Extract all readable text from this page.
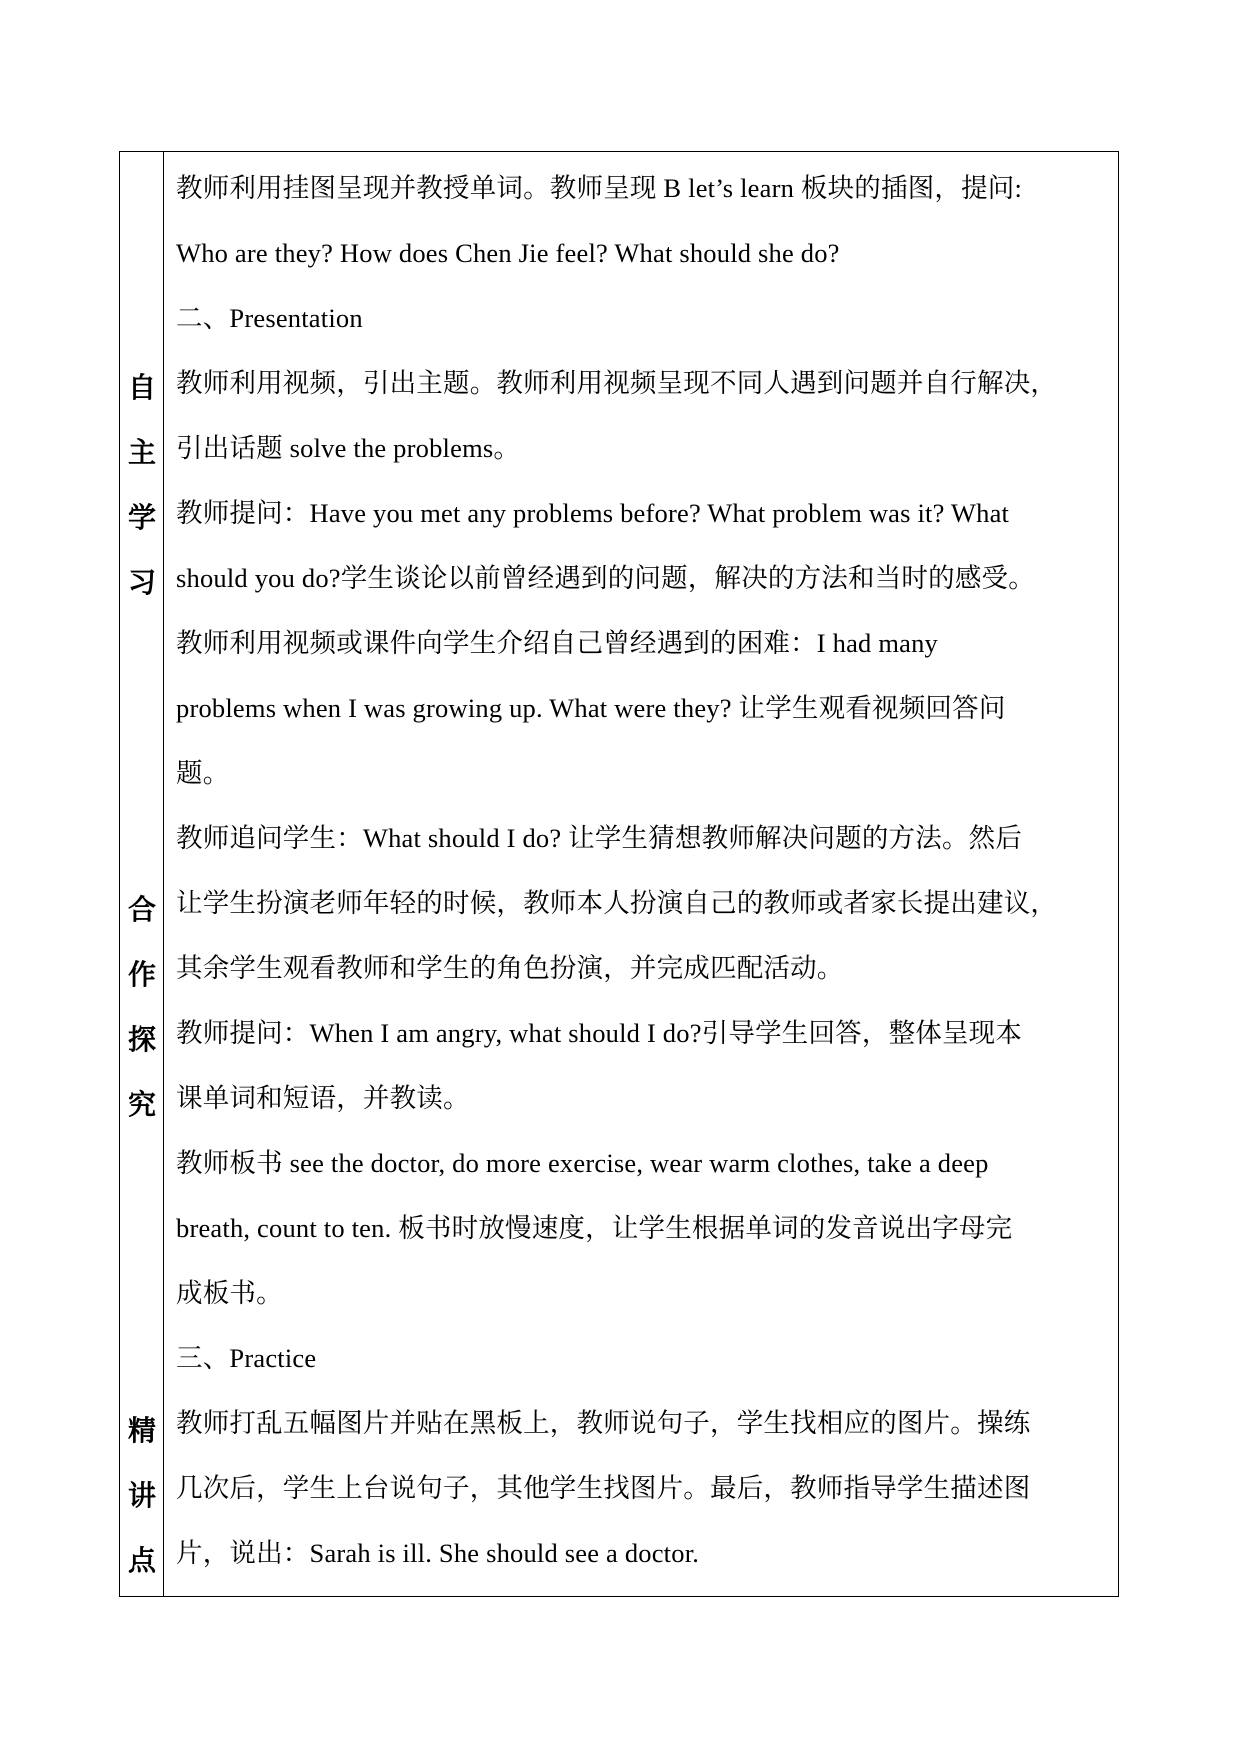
自
主
学
习
合
作
探
究
精
讲
点
教师利用挂图呈现并教授单词。教师呈现 B let’s learn 板块的插图，提问:
Who are they? How does Chen Jie feel? What should she do?
二、Presentation
教师利用视频，引出主题。教师利用视频呈现不同人遇到问题并自行解决，
引出话题 solve the problems。
教师提问：Have you met any problems before? What problem was it? What
should you do?学生谈论以前曾经遇到的问题，解决的方法和当时的感受。
教师利用视频或课件向学生介绍自己曾经遇到的困难：I had many
problems when I was growing up. What were they? 让学生观看视频回答问
题。
教师追问学生：What should I do? 让学生猜想教师解决问题的方法。然后
让学生扮演老师年轻的时候，教师本人扮演自己的教师或者家长提出建议，
其余学生观看教师和学生的角色扮演，并完成匹配活动。
教师提问：When I am angry, what should I do?引导学生回答，整体呈现本
课单词和短语，并教读。
教师板书 see the doctor, do more exercise, wear warm clothes, take a deep
breath, count to ten. 板书时放慢速度，让学生根据单词的发音说出字母完
成板书。
三、Practice
教师打乱五幅图片并贴在黑板上，教师说句子，学生找相应的图片。操练
几次后，学生上台说句子，其他学生找图片。最后，教师指导学生描述图
片，说出：Sarah is ill. She should see a doctor.
